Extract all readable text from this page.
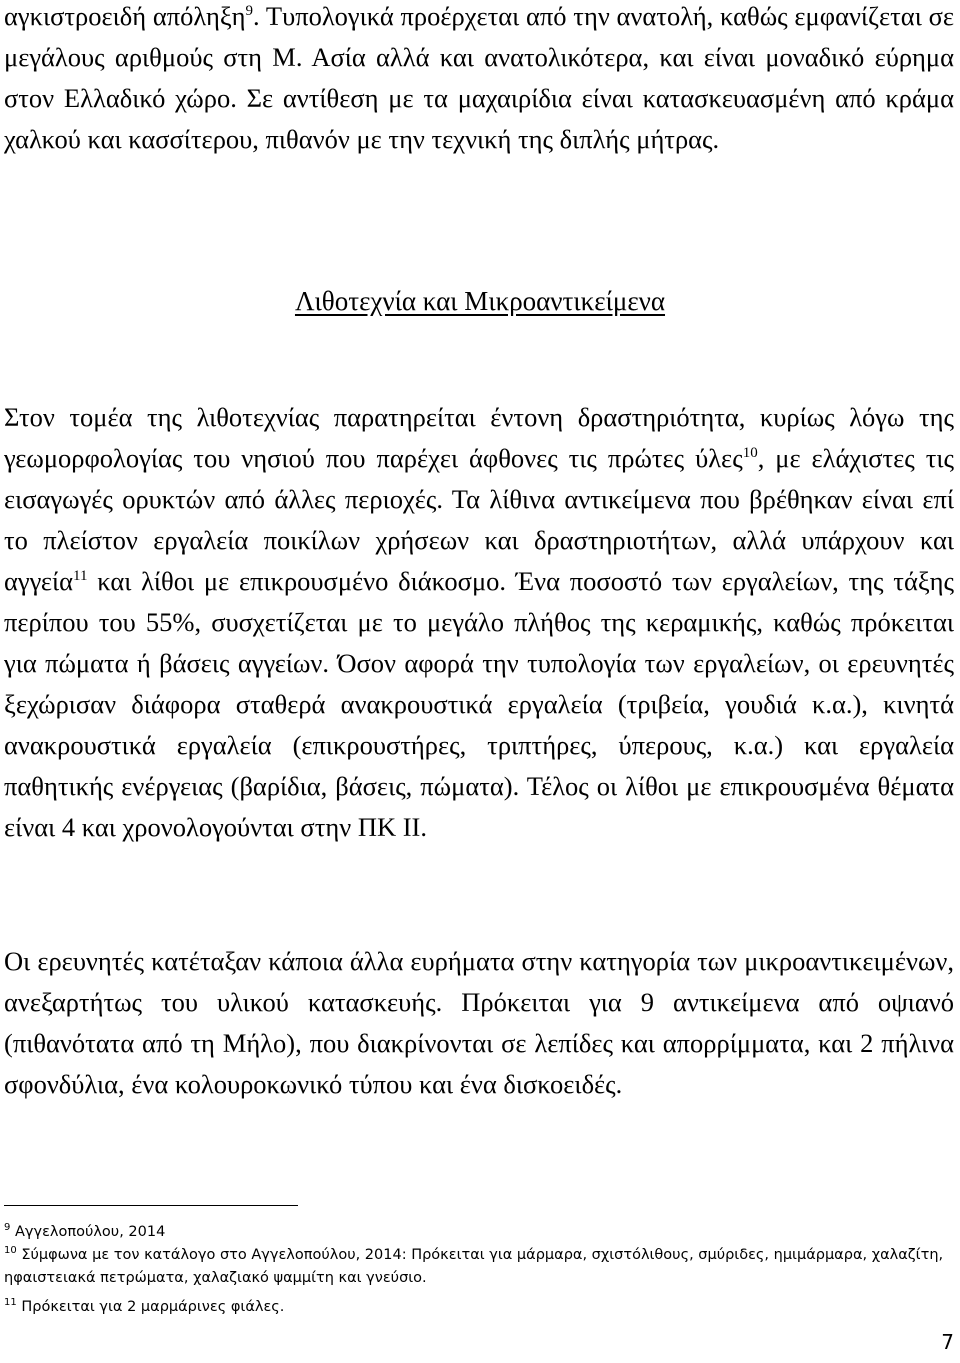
αγκιστροειδή απόληξη$^9$. Τυπολογικά προέρχεται από την ανατολή, καθώς εμφανίζεται σε μεγάλους αριθμούς στη Μ. Ασία αλλά και ανατολικότερα, και είναι μοναδικό εύρημα στον Ελλαδικό χώρο. Σε αντίθεση με τα μαχαιρίδια είναι κατασκευασμένη από κράμα χαλκού και κασσίτερου, πιθανόν με την τεχνική της διπλής μήτρας.

Λιθοτεχνία και Μικροαντικείμενα

Στον τομέα της λιθοτεχνίας παρατηρείται έντονη δραστηριότητα, κυρίως λόγω της γεωμορφολογίας του νησιού που παρέχει άφθονες τις πρώτες ύλες$^{10}$, με ελάχιστες τις εισαγωγές ορυκτών από άλλες περιοχές. Τα λίθινα αντικείμενα που βρέθηκαν είναι επί το πλείστον εργαλεία ποικίλων χρήσεων και δραστηριοτήτων, αλλά υπάρχουν και αγγεία$^{11}$ και λίθοι με επικρουσμένο διάκοσμο. Ένα ποσοστό των εργαλείων, της τάξης περίπου του 55%, συσχετίζεται με το μεγάλο πλήθος της κεραμικής, καθώς πρόκειται για πώματα ή βάσεις αγγείων. Όσον αφορά την τυπολογία των εργαλείων, οι ερευνητές ξεχώρισαν διάφορα σταθερά ανακρουστικά εργαλεία (τριβεία, γουδιά κ.α.), κινητά ανακρουστικά εργαλεία (επικρουστήρες, τριπτήρες, ύπερους, κ.α.) και εργαλεία παθητικής ενέργειας (βαρίδια, βάσεις, πώματα). Τέλος οι λίθοι με επικρουσμένα θέματα είναι 4 και χρονολογούνται στην ΠΚ ΙΙ.

Οι ερευνητές κατέταξαν κάποια άλλα ευρήματα στην κατηγορία των μικροαντικειμένων, ανεξαρτήτως του υλικού κατασκευής. Πρόκειται για 9 αντικείμενα από οψιανό (πιθανότατα από τη Μήλο), που διακρίνονται σε λεπίδες και απορρίμματα, και 2 πήλινα σφονδύλια, ένα κολουροκωνικό τύπου και ένα δισκοειδές.

$^9$ Αγγελοπούλου, 2014

$^{10}$ Σύμφωνα με τον κατάλογο στο Αγγελοπούλου, 2014: Πρόκειται για μάρμαρα, σχιστόλιθους, σμύριδες, ημιμάρμαρα, χαλαζίτη, ηφαιστειακά πετρώματα, χαλαζιακό ψαμμίτη και γνεύσιο.

$^{11}$ Πρόκειται για 2 μαρμάρινες φιάλες.

7
